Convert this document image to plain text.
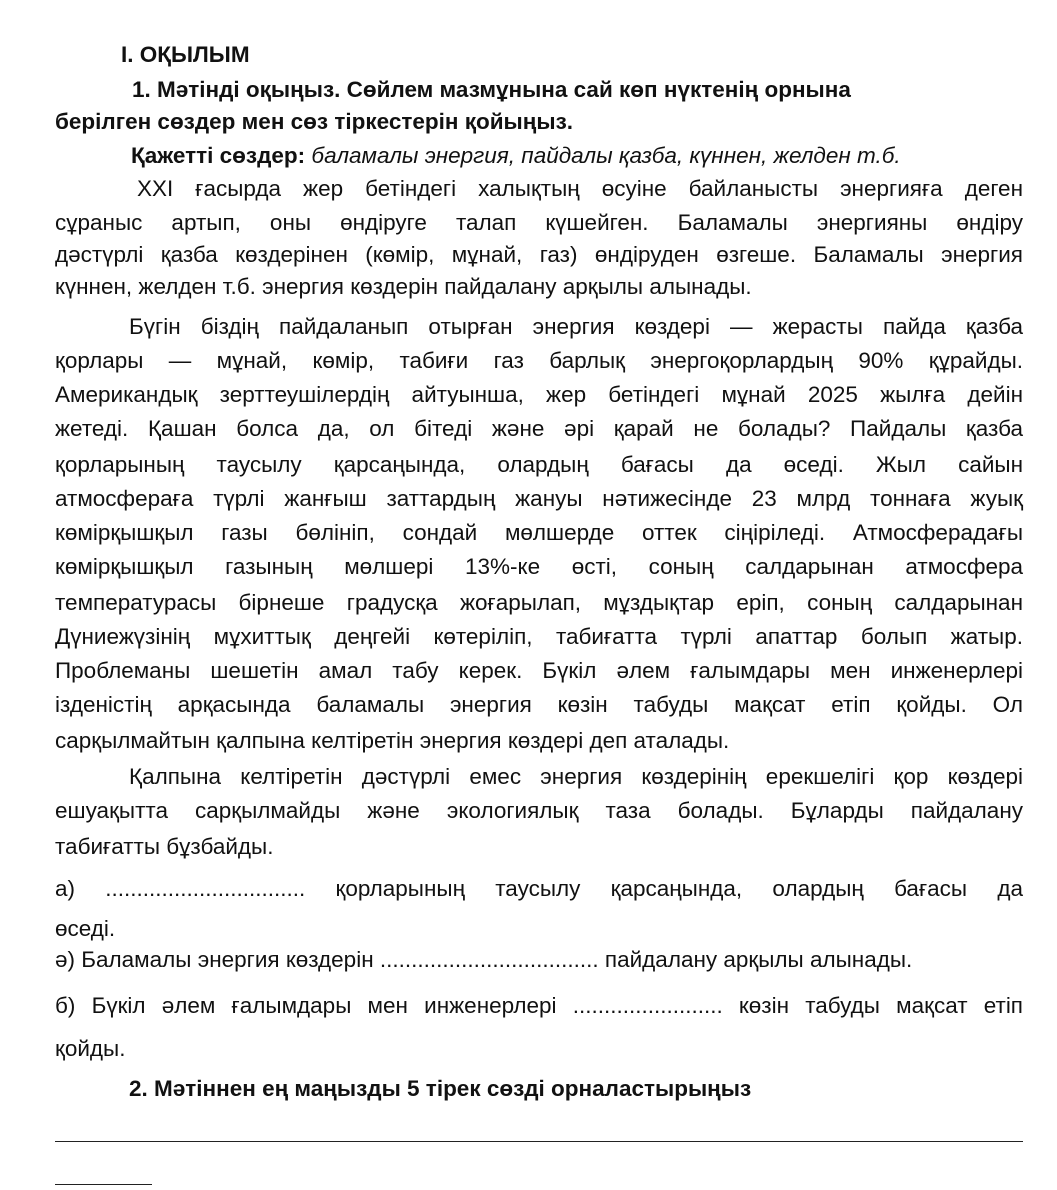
I. ОҚЫЛЫМ
1. Мәтінді оқыңыз. Сөйлем мазмұнына сай көп нүктенің орнына
берілген сөздер мен сөз тіркестерін қойыңыз.
Қажетті сөздер: баламалы энергия, пайдалы қазба, күннен, желден т.б.
XXI ғасырда жер бетіндегі халықтың өсуіне байланысты энергияға деген
сұраныс артып, оны өндіруге талап күшейген. Баламалы энергияны өндіру
дәстүрлі қазба көздерінен (көмір, мұнай, газ) өндіруден өзгеше. Баламалы энергия
күннен, желден т.б. энергия көздерін пайдалану арқылы алынады.
Бүгін біздің пайдаланып отырған энергия көздері — жерасты пайда қазба
қорлары — мұнай, көмір, табиғи газ барлық энергоқорлардың 90% құрайды.
Американдық зерттеушілердің айтуынша, жер бетіндегі мұнай 2025 жылға дейін
жетеді. Қашан болса да, ол бітеді және әрі қарай не болады? Пайдалы қазба
қорларының таусылу қарсаңында, олардың бағасы да өседі. Жыл сайын
атмосфераға түрлі жанғыш заттардың жануы нәтижесінде 23 млрд тоннаға жуық
көмірқышқыл газы бөлініп, сондай мөлшерде оттек сіңіріледі. Атмосферадағы
көмірқышқыл газының мөлшері 13%-ке өсті, соның салдарынан атмосфера
температурасы бірнеше градусқа жоғарылап, мұздықтар еріп, соның салдарынан
Дүниежүзінің мұхиттық деңгейі көтеріліп, табиғатта түрлі апаттар болып жатыр.
Проблеманы шешетін амал табу керек. Бүкіл әлем ғалымдары мен инженерлері
ізденістің арқасында баламалы энергия көзін табуды мақсат етіп қойды. Ол
сарқылмайтын қалпына келтіретін энергия көздері деп аталады.
Қалпына келтіретін дәстүрлі емес энергия көздерінің ерекшелігі қор көздері
ешуақытта сарқылмайды және экологиялық таза болады. Бұларды пайдалану
табиғатты бұзбайды.
а) ................................ қорларының таусылу қарсаңында, олардың бағасы да
өседі.
ә) Баламалы энергия көздерін ................................... пайдалану арқылы алынады.
б) Бүкіл әлем ғалымдары мен инженерлері ........................ көзін табуды мақсат етіп
қойды.
2. Мәтіннен ең маңызды 5 тірек сөзді орналастырыңыз
